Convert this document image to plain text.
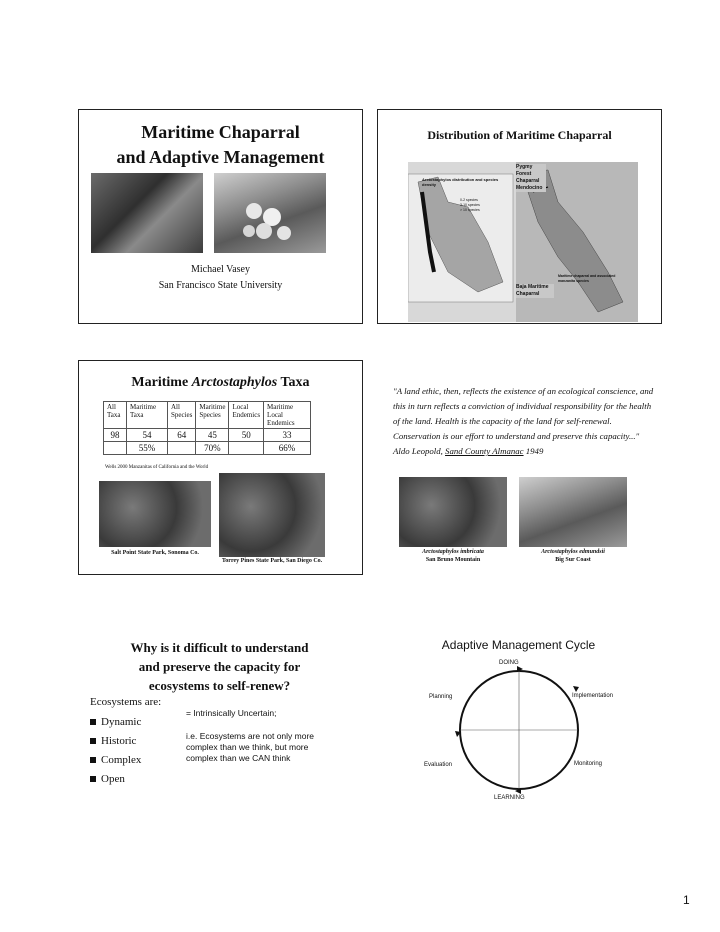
Maritime Chaparral
and Adaptive Management
Michael Vasey
San Francisco State University
Distribution of Maritime Chaparral
Arctostaphylos distribution and species density
0-2 species
3-10 species
> 10 species
Pygmy Forest Chaparral Mendocino
Maritime chaparral and associated manzanita species
Baja Maritime Chaparral
Maritime Arctostaphylos Taxa
All Taxa	Maritime Taxa	All Species	Maritime Species	Local Endemics	Maritime Local Endemics
98	54	64	45	50	33
	55%		70%		66%
Wells 2000 Manzanitas of California and the World
Salt Point State Park, Sonoma Co.
Torrey Pines State Park, San Diego Co.
"A land ethic, then, reflects the existence of an ecological conscience, and this in turn reflects a conviction of individual responsibility for the health of the land. Health is the capacity of the land for self-renewal. Conservation is our effort to understand and preserve this capacity..." Aldo Leopold, Sand County Almanac 1949
Arctostaphylos imbricata
San Bruno Mountain
Arctostaphylos edmundsii
Big Sur Coast
Why is it difficult to understand
and preserve the capacity for
ecosystems to self-renew?
Ecosystems are:
Dynamic
Historic
Complex
Open
= Intrinsically Uncertain;
i.e. Ecosystems are not only more complex than we think, but more complex than we CAN think
Adaptive Management Cycle
DOING
Planning	Implementation
Evaluation	Monitoring
LEARNING
1
